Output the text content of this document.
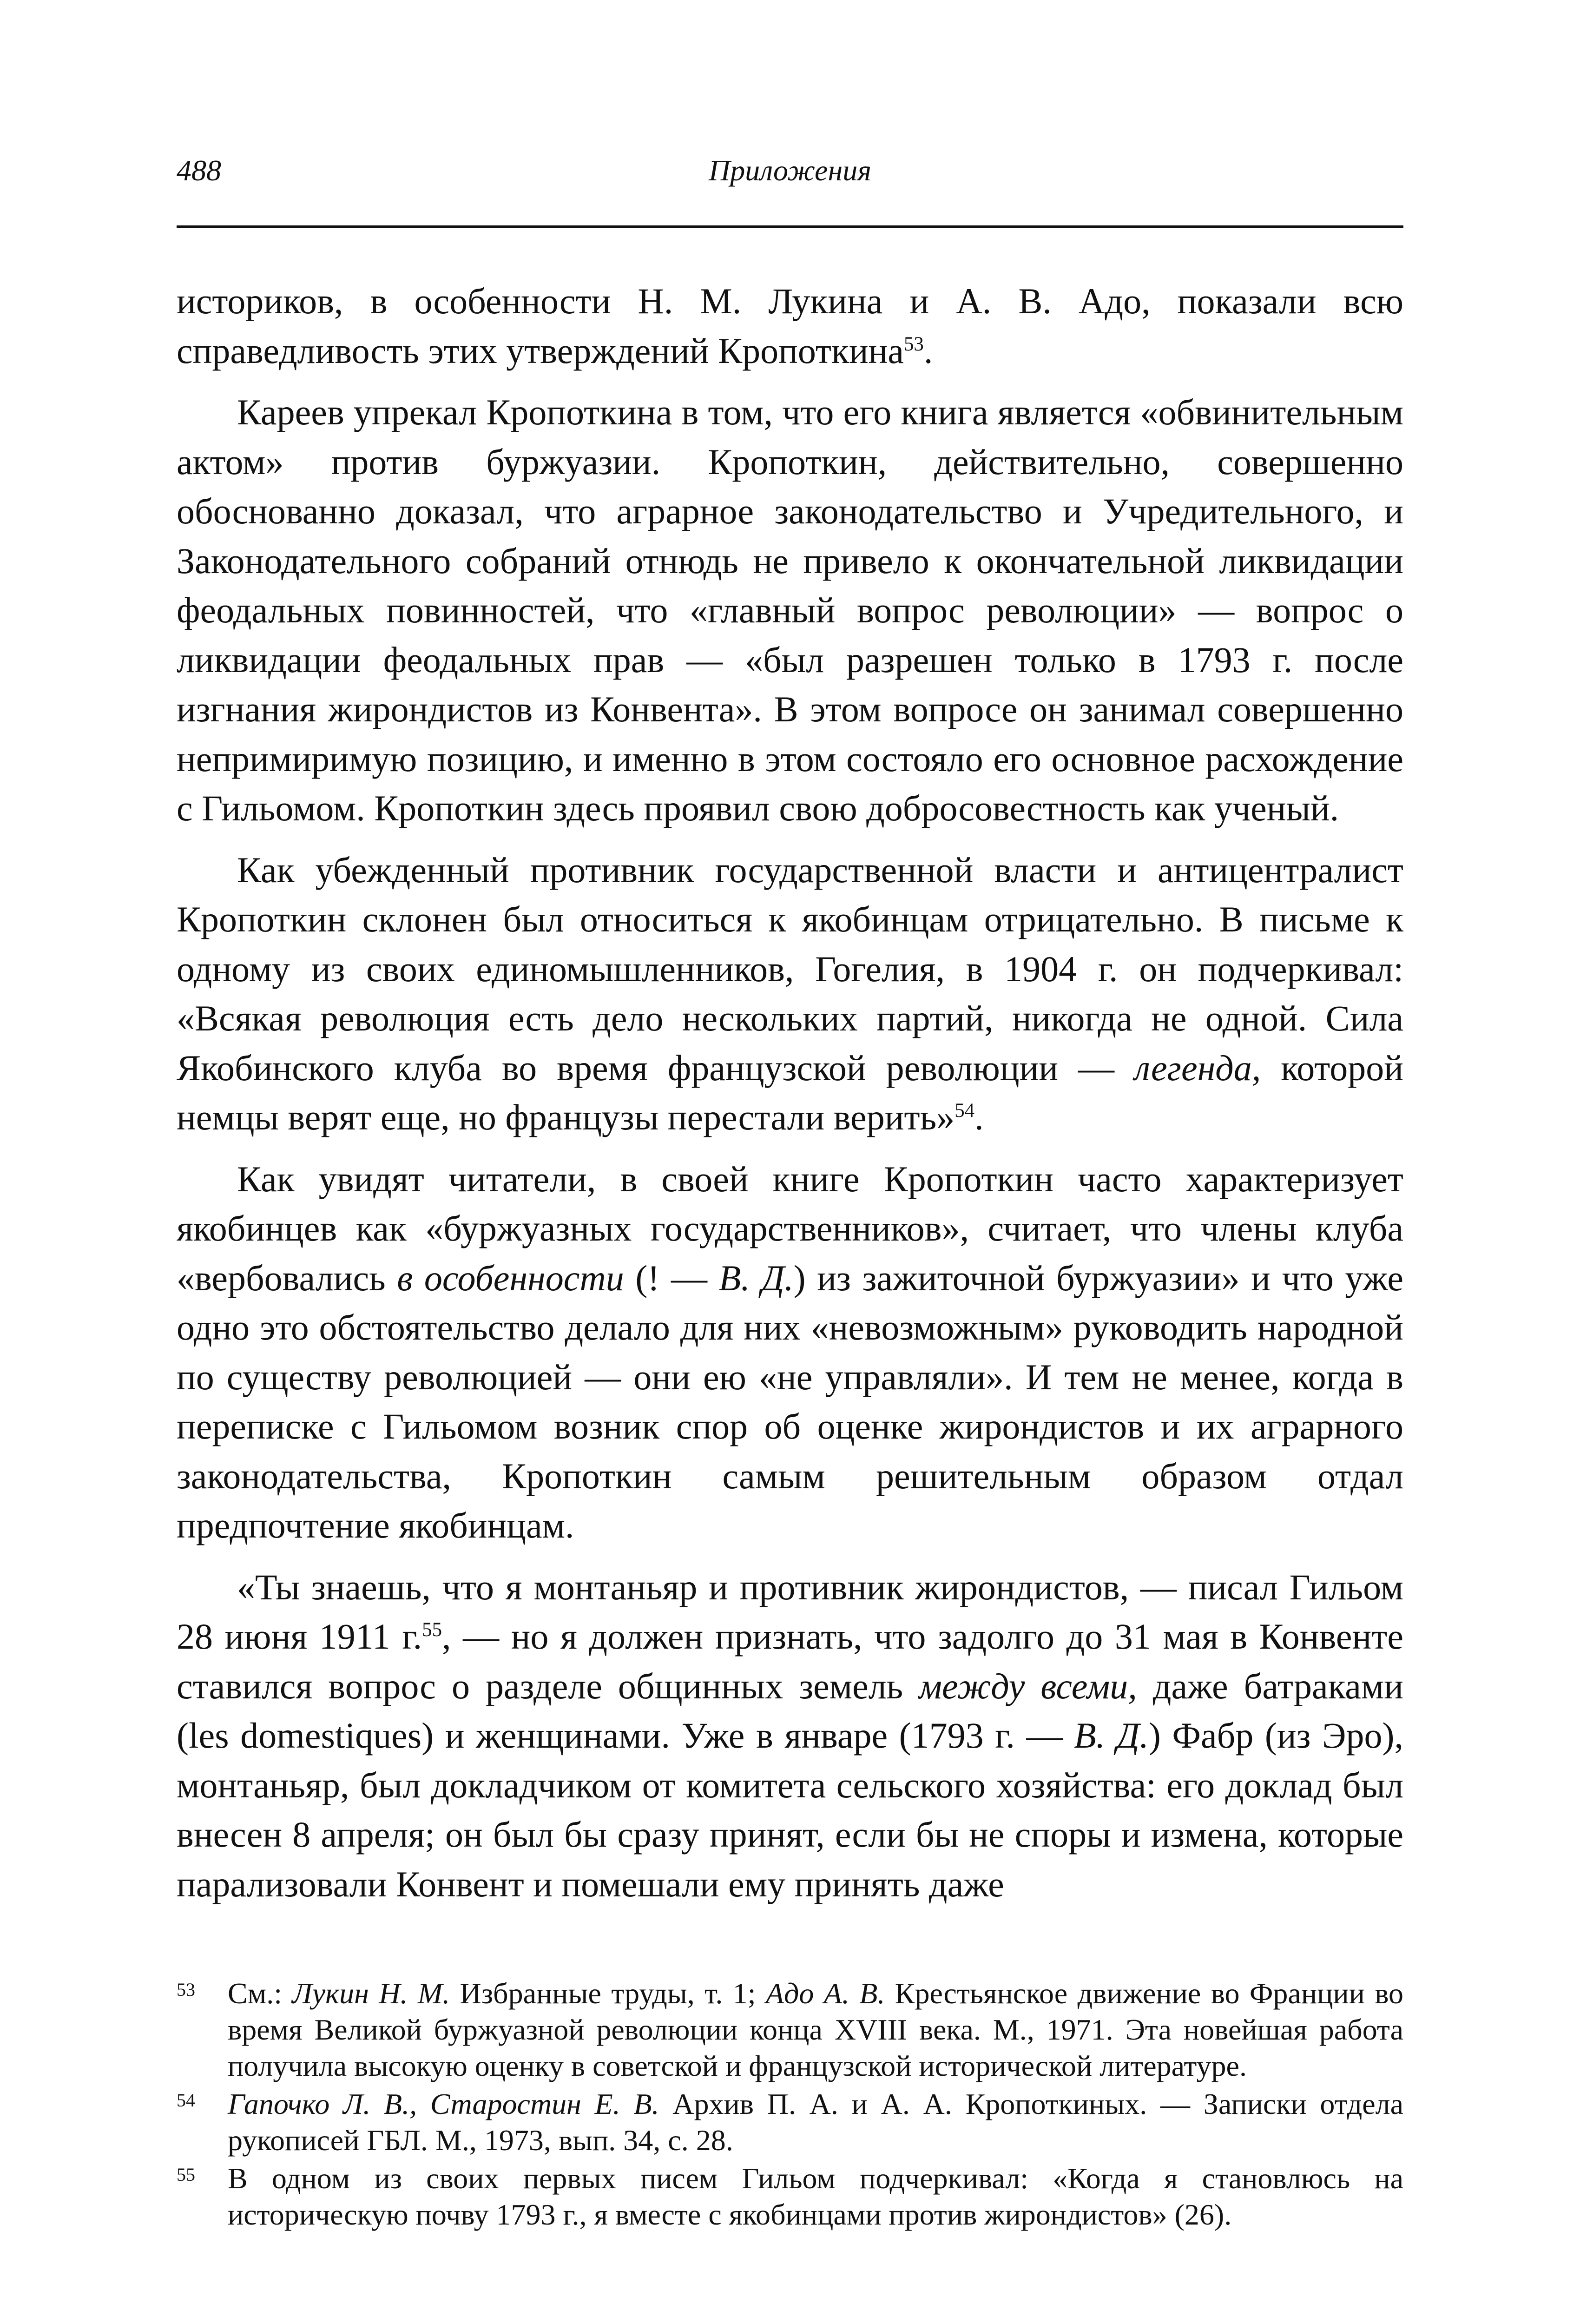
488	Приложения

историков, в особенности Н. М. Лукина и А. В. Адо, показали всю справедливость этих утверждений Кропоткина$^{53}$.

Кареев упрекал Кропоткина в том, что его книга является «обвинительным актом» против буржуазии. Кропоткин, действительно, совершенно обоснованно доказал, что аграрное законодательство и Учредительного, и Законодательного собраний отнюдь не привело к окончательной ликвидации феодальных повинностей, что «главный вопрос революции» — вопрос о ликвидации феодальных прав — «был разрешен только в 1793 г. после изгнания жирондистов из Конвента». В этом вопросе он занимал совершенно непримиримую позицию, и именно в этом состояло его основное расхождение с Гильомом. Кропоткин здесь проявил свою добросовестность как ученый.

Как убежденный противник государственной власти и антицентралист Кропоткин склонен был относиться к якобинцам отрицательно. В письме к одному из своих единомышленников, Гогелия, в 1904 г. он подчеркивал: «Всякая революция есть дело нескольких партий, никогда не одной. Сила Якобинского клуба во время французской революции — легенда, которой немцы верят еще, но французы перестали верить»$^{54}$.

Как увидят читатели, в своей книге Кропоткин часто характеризует якобинцев как «буржуазных государственников», считает, что члены клуба «вербовались в особенности (! — В. Д.) из зажиточной буржуазии» и что уже одно это обстоятельство делало для них «невозможным» руководить народной по существу революцией — они ею «не управляли». И тем не менее, когда в переписке с Гильомом возник спор об оценке жирондистов и их аграрного законодательства, Кропоткин самым решительным образом отдал предпочтение якобинцам.

«Ты знаешь, что я монтаньяр и противник жирондистов, — писал Гильом 28 июня 1911 г.$^{55}$, — но я должен признать, что задолго до 31 мая в Конвенте ставился вопрос о разделе общинных земель между всеми, даже батраками (les domestiques) и женщинами. Уже в январе (1793 г. — В. Д.) Фабр (из Эро), монтаньяр, был докладчиком от комитета сельского хозяйства: его доклад был внесен 8 апреля; он был бы сразу принят, если бы не споры и измена, которые парализовали Конвент и помешали ему принять даже

53 См.: Лукин Н. М. Избранные труды, т. 1; Адо А. В. Крестьянское движение во Франции во время Великой буржуазной революции конца XVIII века. М., 1971. Эта новейшая работа получила высокую оценку в советской и французской исторической литературе.
54 Гапочко Л. В., Старостин Е. В. Архив П. А. и А. А. Кропоткиных. — Записки отдела рукописей ГБЛ. М., 1973, вып. 34, с. 28.
55 В одном из своих первых писем Гильом подчеркивал: «Когда я становлюсь на историческую почву 1793 г., я вместе с якобинцами против жирондистов» (26).
